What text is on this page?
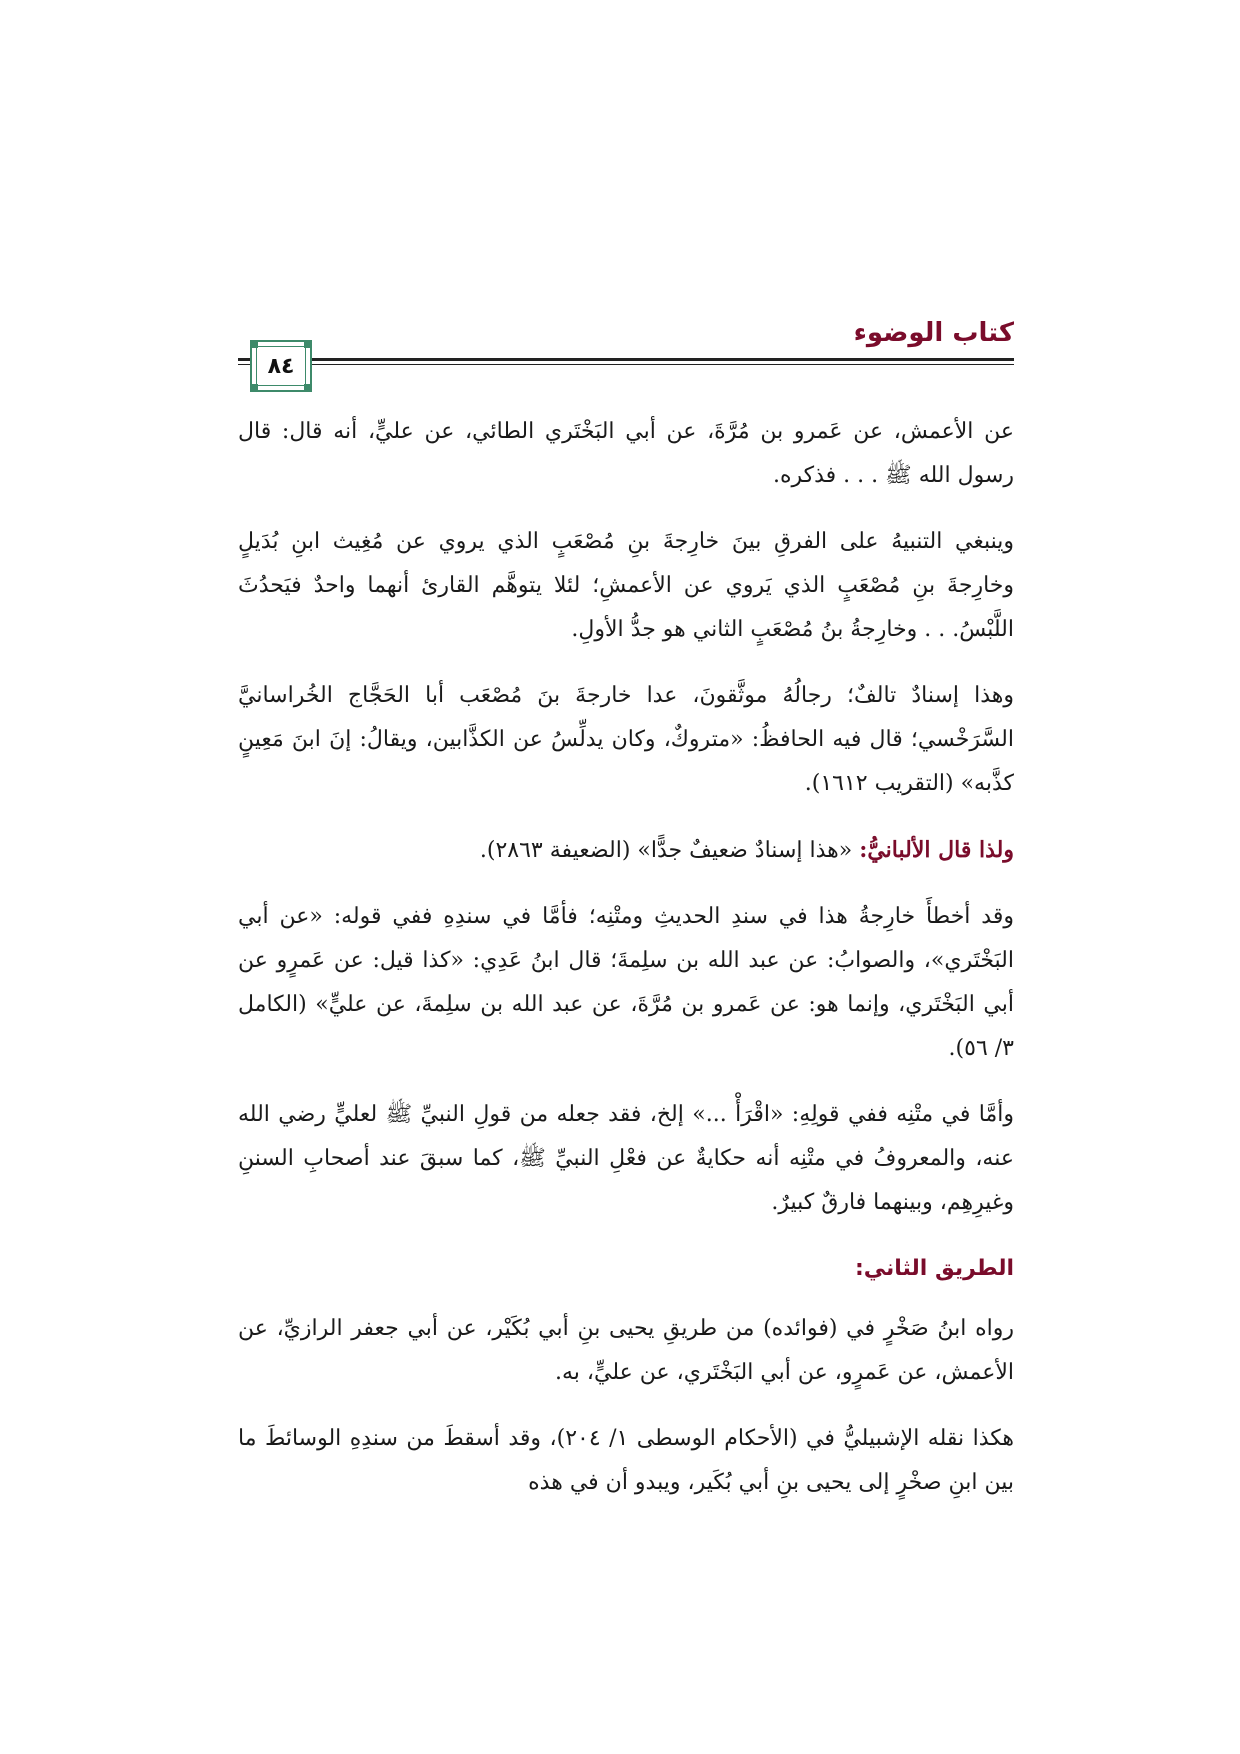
كتاب الوضوء
٨٤

عن الأعمش، عن عَمرو بن مُرَّةَ، عن أبي البَخْتَري الطائي، عن عليٍّ، أنه قال: قال رسول الله ﷺ . . . فذكره.

وينبغي التنبيهُ على الفرقِ بينَ خارِجةَ بنِ مُصْعَبٍ الذي يروي عن مُغِيث ابنِ بُدَيلٍ وخارِجةَ بنِ مُصْعَبٍ الذي يَروي عن الأعمشِ؛ لئلا يتوهَّم القارئ أنهما واحدٌ فيَحدُثَ اللَّبْسُ. . . وخارِجةُ بنُ مُصْعَبٍ الثاني هو جدُّ الأولِ.

وهذا إسنادٌ تالفٌ؛ رجالُهُ موثَّقونَ، عدا خارجةَ بنَ مُصْعَب أبا الحَجَّاج الخُراسانيَّ السَّرَخْسي؛ قال فيه الحافظُ: «متروكٌ، وكان يدلِّسُ عن الكذَّابين، ويقالُ: إنَ ابنَ مَعِينٍ كذَّبه» (التقريب ١٦١٢).

ولذا قال الألبانيُّ: «هذا إسنادٌ ضعيفٌ جدًّا» (الضعيفة ٢٨٦٣).

وقد أخطأَ خارِجةُ هذا في سندِ الحديثِ ومتْنِه؛ فأمَّا في سندِهِ ففي قوله: «عن أبي البَخْتَري»، والصوابُ: عن عبد الله بن سلِمةَ؛ قال ابنُ عَدِي: «كذا قيل: عن عَمرٍو عن أبي البَخْتَري، وإنما هو: عن عَمرو بن مُرَّةَ، عن عبد الله بن سلِمةَ، عن عليٍّ» (الكامل ٣/ ٥٦).

وأمَّا في متْنِه ففي قولِهِ: «اقْرَأْ ...» إلخ، فقد جعله من قولِ النبيِّ ﷺ لعليٍّ رضي الله عنه، والمعروفُ في متْنِه أنه حكايةٌ عن فعْلِ النبيِّ ﷺ، كما سبقَ عند أصحابِ السننِ وغيرِهِم، وبينهما فارقٌ كبيرٌ.

الطريق الثاني:

رواه ابنُ صَخْرٍ في (فوائده) من طريقِ يحيى بنِ أبي بُكَيْر، عن أبي جعفر الرازيِّ، عن الأعمش، عن عَمرٍو، عن أبي البَخْتَري، عن عليٍّ، به.

هكذا نقله الإشبيليُّ في (الأحكام الوسطى ١/ ٢٠٤)، وقد أسقطَ من سندِهِ الوسائطَ ما بين ابنِ صخْرٍ إلى يحيى بنِ أبي بُكَير، ويبدو أن في هذه
